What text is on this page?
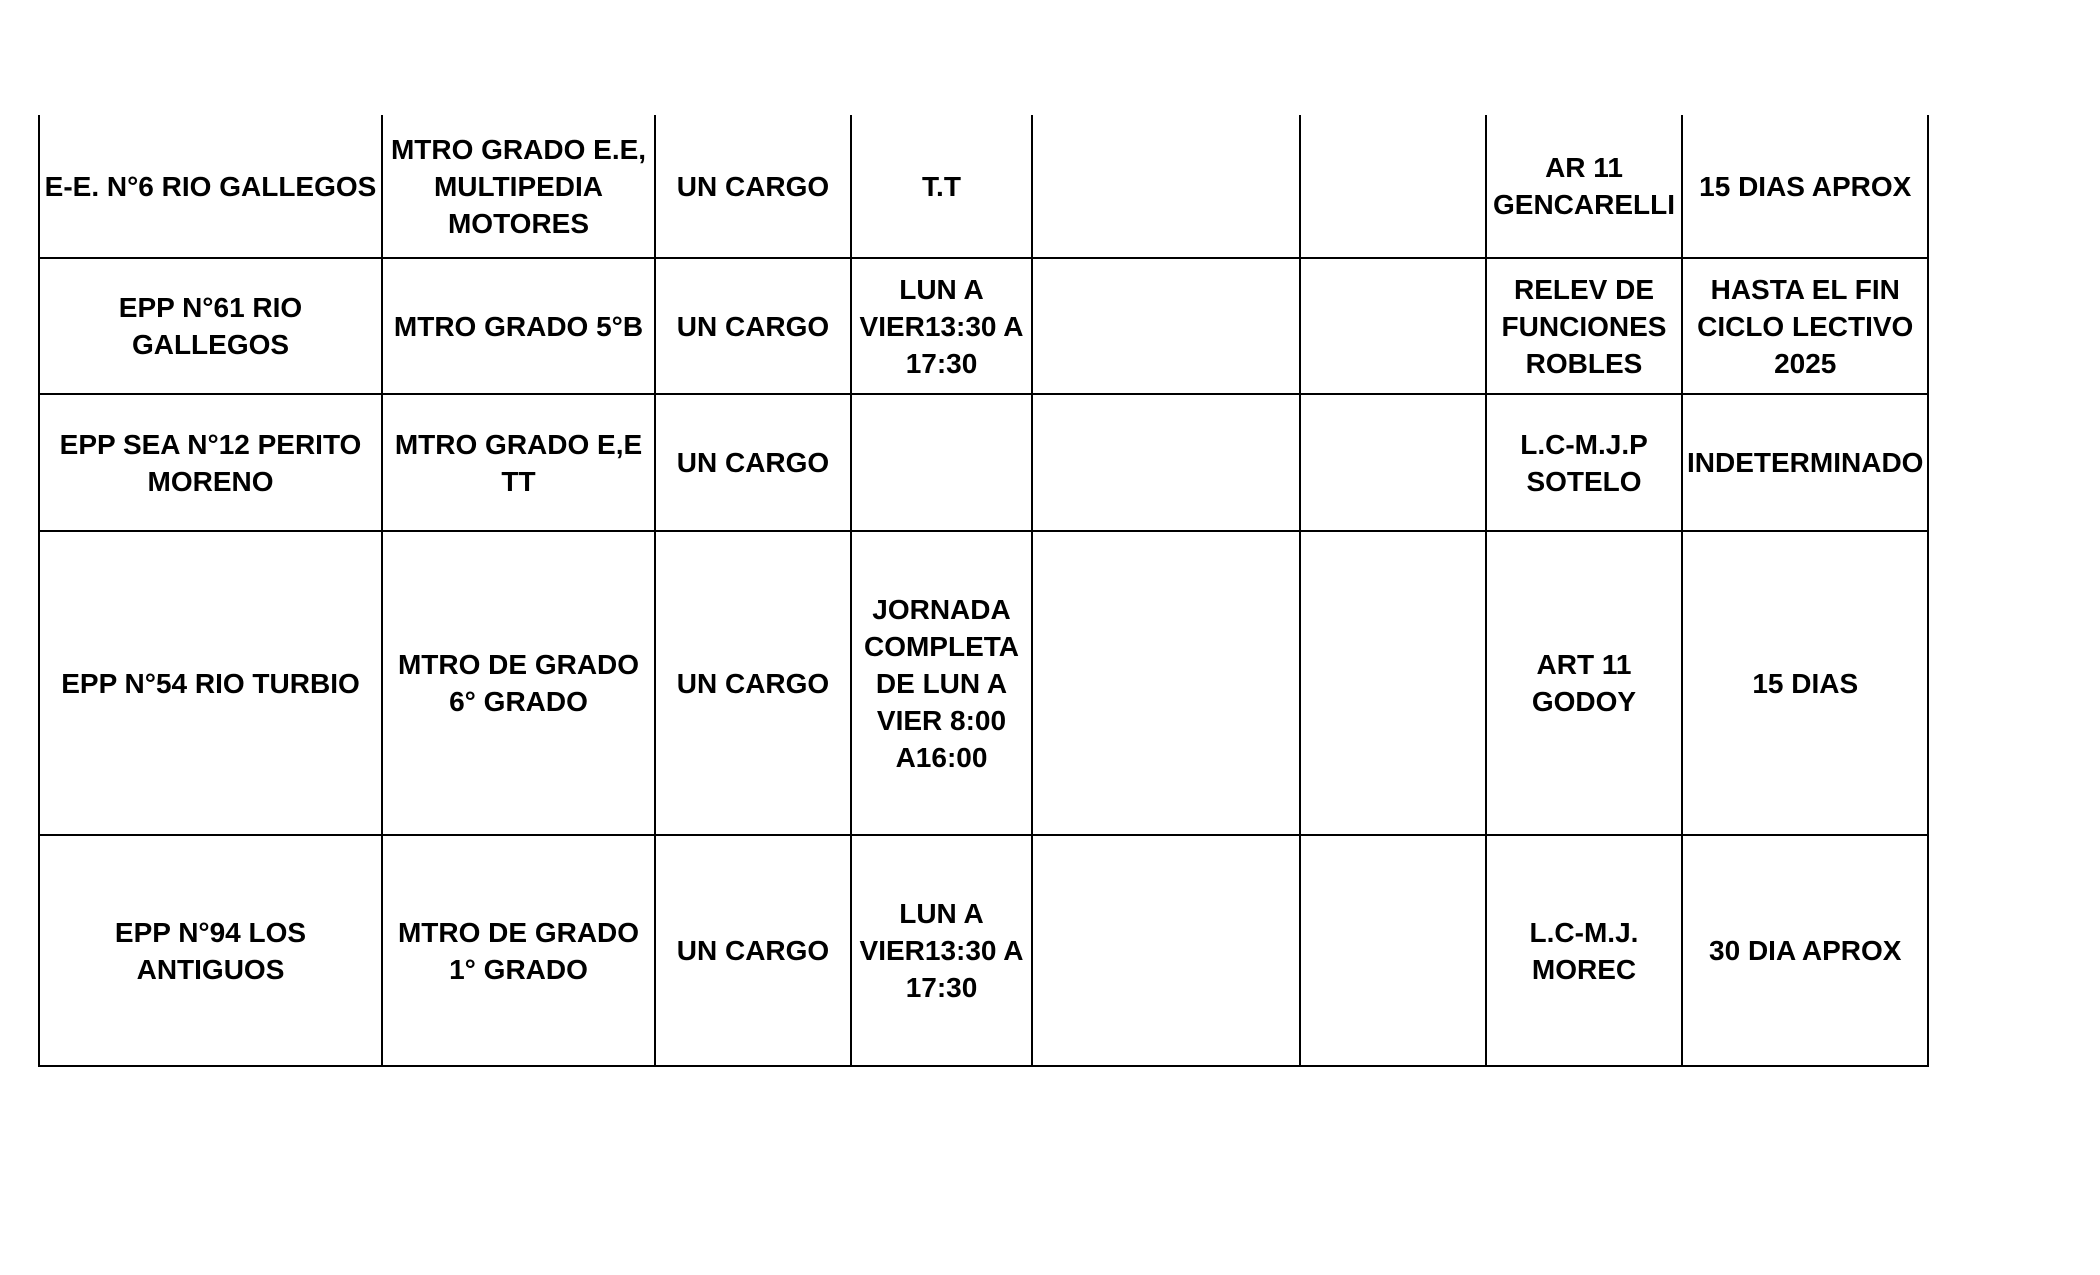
E-E. N°6 RIO GALLEGOS	MTRO GRADO E.E, MULTIPEDIA MOTORES	UN CARGO	T.T			AR 11 GENCARELLI	15 DIAS APROX
EPP N°61 RIO GALLEGOS	MTRO GRADO 5°B	UN CARGO	LUN A VIER13:30 A 17:30			RELEV DE FUNCIONES ROBLES	HASTA EL FIN CICLO LECTIVO 2025
EPP SEA N°12 PERITO MORENO	MTRO GRADO E,E TT	UN CARGO				L.C-M.J.P SOTELO	INDETERMINADO
EPP N°54 RIO TURBIO	MTRO DE GRADO 6° GRADO	UN CARGO	JORNADA COMPLETA DE LUN A VIER 8:00 A16:00			ART 11 GODOY	15 DIAS
EPP N°94 LOS ANTIGUOS	MTRO DE GRADO 1° GRADO	UN CARGO	LUN A VIER13:30 A 17:30			L.C-M.J. MOREC	30 DIA APROX
